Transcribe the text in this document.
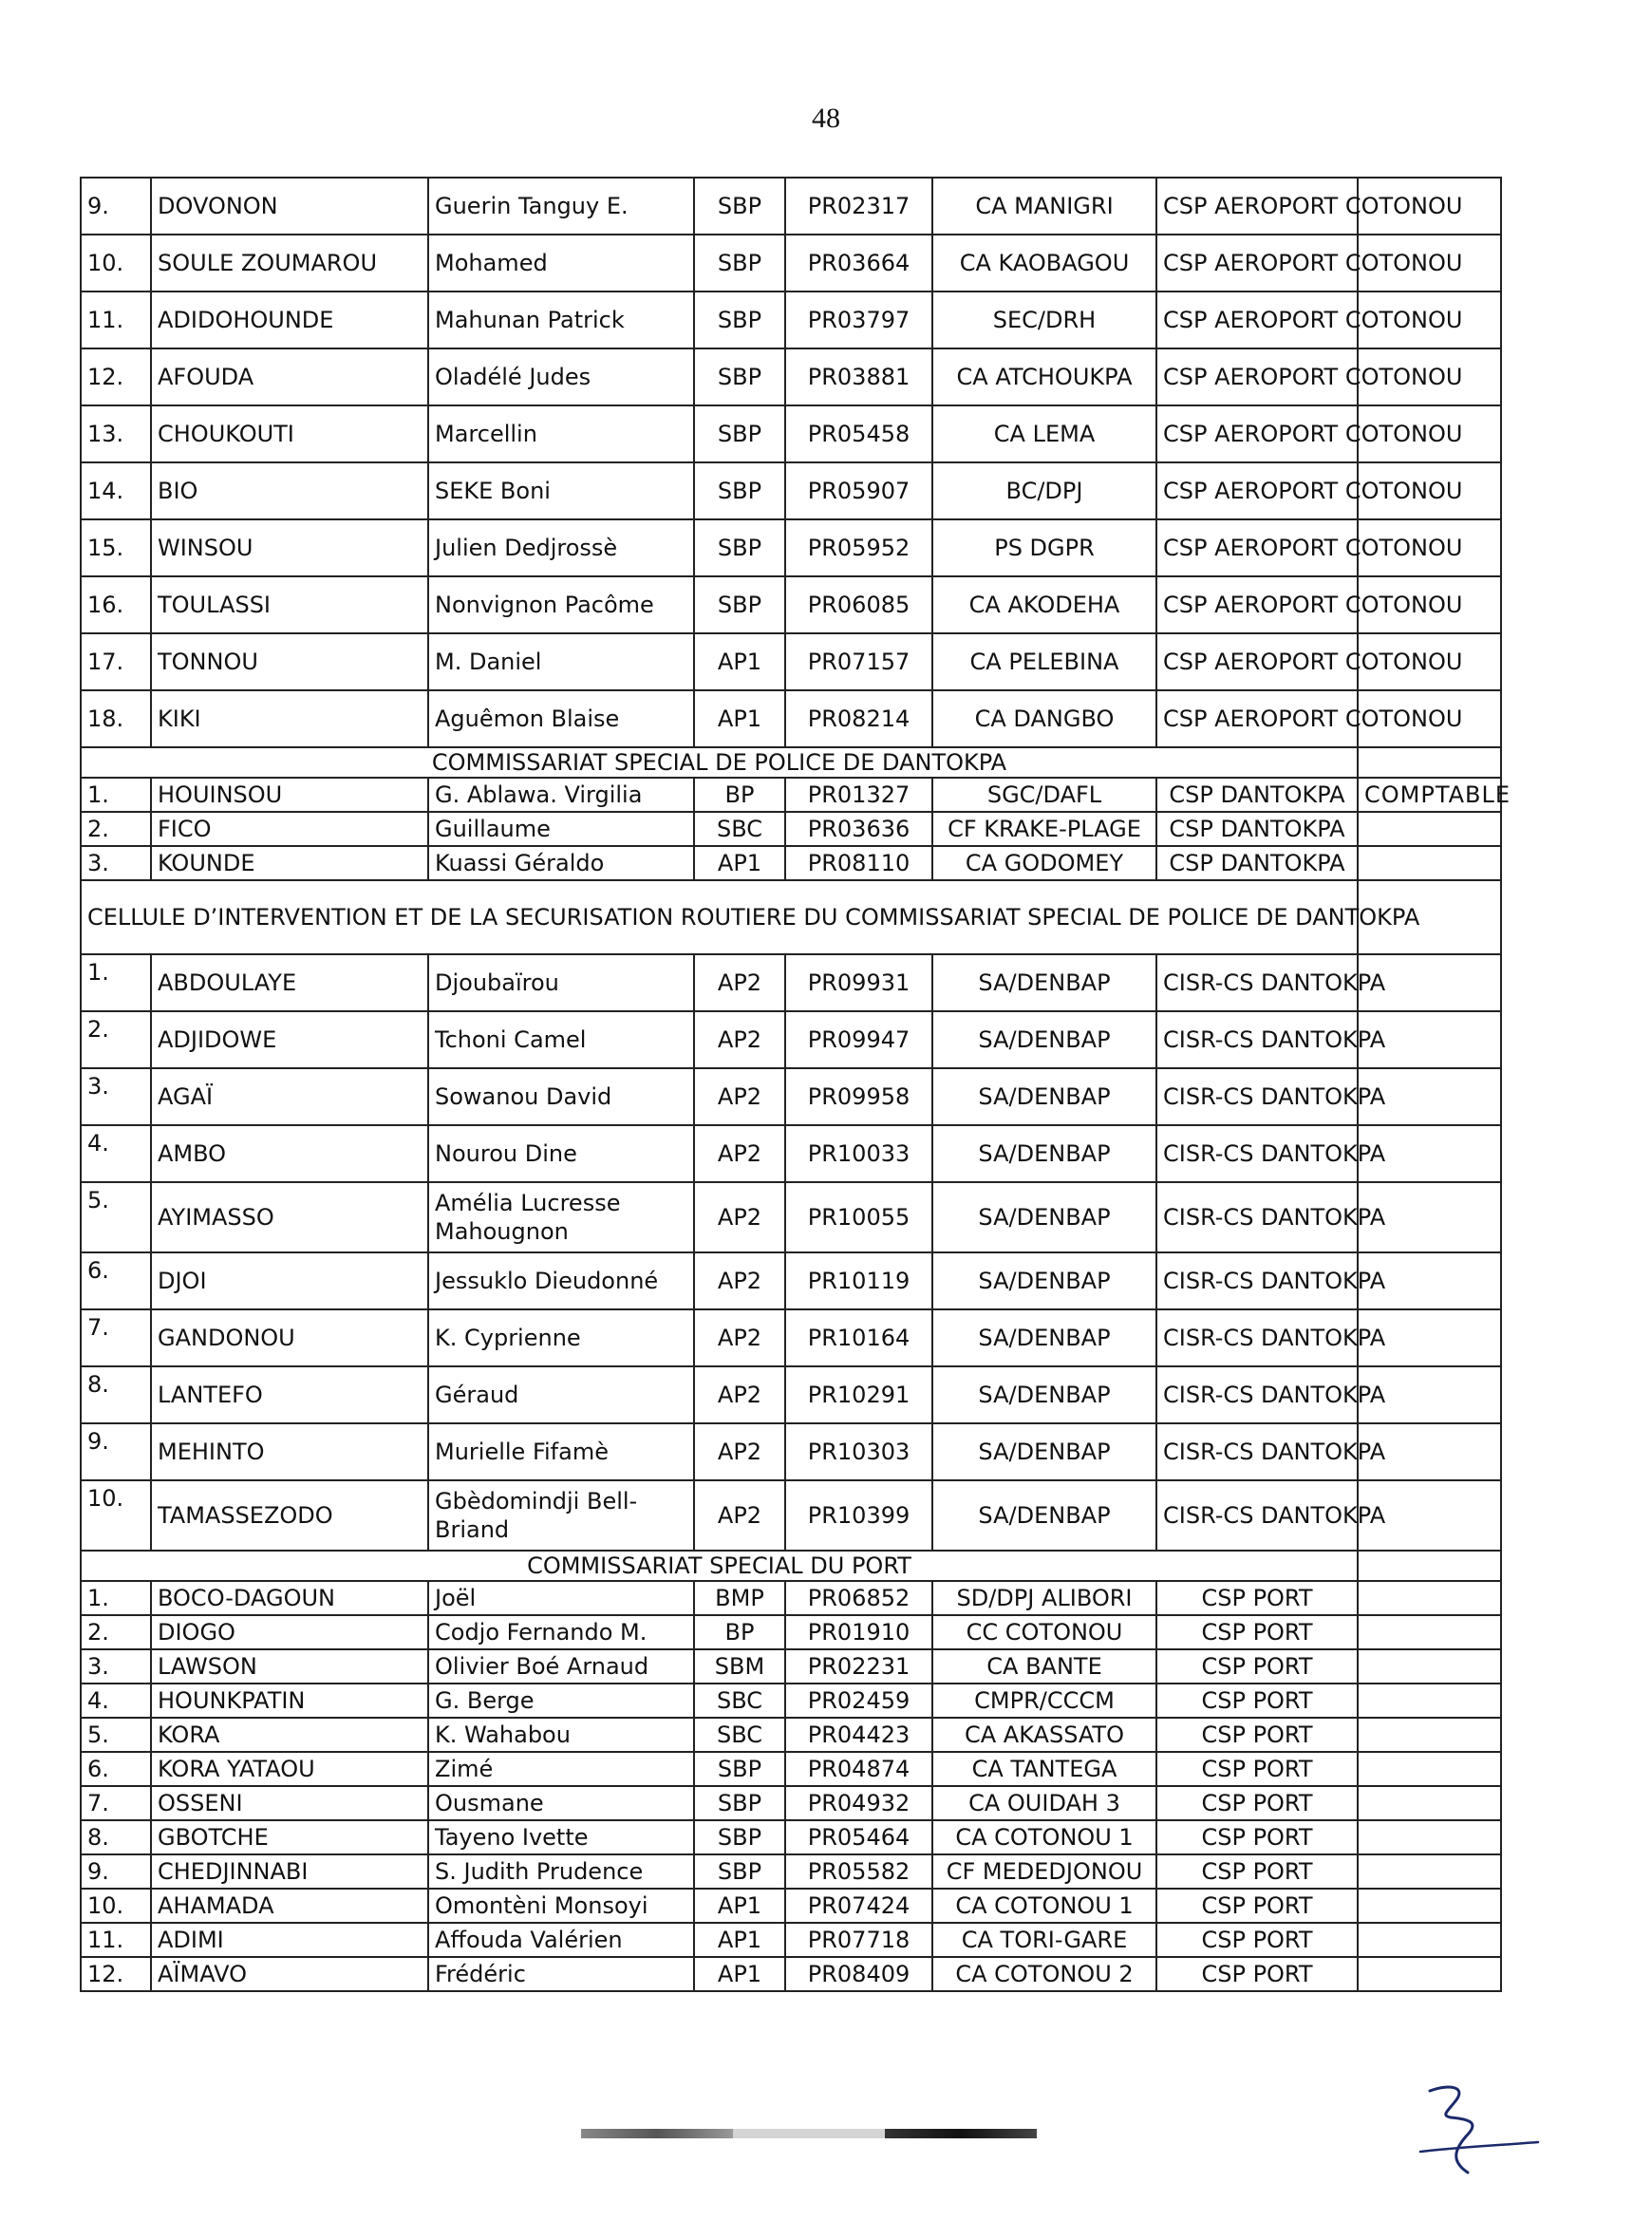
48
9.	DOVONON	Guerin Tanguy E.	SBP	PR02317	CA MANIGRI	CSP AEROPORT COTONOU	
10.	SOULE ZOUMAROU	Mohamed	SBP	PR03664	CA KAOBAGOU	CSP AEROPORT COTONOU	
11.	ADIDOHOUNDE	Mahunan Patrick	SBP	PR03797	SEC/DRH	CSP AEROPORT COTONOU	
12.	AFOUDA	Oladélé Judes	SBP	PR03881	CA ATCHOUKPA	CSP AEROPORT COTONOU	
13.	CHOUKOUTI	Marcellin	SBP	PR05458	CA LEMA	CSP AEROPORT COTONOU	
14.	BIO	SEKE Boni	SBP	PR05907	BC/DPJ	CSP AEROPORT COTONOU	
15.	WINSOU	Julien Dedjrossè	SBP	PR05952	PS DGPR	CSP AEROPORT COTONOU	
16.	TOULASSI	Nonvignon Pacôme	SBP	PR06085	CA AKODEHA	CSP AEROPORT COTONOU	
17.	TONNOU	M. Daniel	AP1	PR07157	CA PELEBINA	CSP AEROPORT COTONOU	
18.	KIKI	Aguêmon Blaise	AP1	PR08214	CA DANGBO	CSP AEROPORT COTONOU	
COMMISSARIAT SPECIAL DE POLICE DE DANTOKPA							
1.	HOUINSOU	G. Ablawa. Virgilia	BP	PR01327	SGC/DAFL	CSP DANTOKPA	COMPTABLE
2.	FICO	Guillaume	SBC	PR03636	CF KRAKE-PLAGE	CSP DANTOKPA	
3.	KOUNDE	Kuassi Géraldo	AP1	PR08110	CA GODOMEY	CSP DANTOKPA	
CELLULE D’INTERVENTION ET DE LA SECURISATION ROUTIERE DU COMMISSARIAT SPECIAL DE POLICE DE DANTOKPA							
1.	ABDOULAYE	Djoubaïrou	AP2	PR09931	SA/DENBAP	CISR-CS DANTOKPA	
2.	ADJIDOWE	Tchoni Camel	AP2	PR09947	SA/DENBAP	CISR-CS DANTOKPA	
3.	AGAÏ	Sowanou David	AP2	PR09958	SA/DENBAP	CISR-CS DANTOKPA	
4.	AMBO	Nourou Dine	AP2	PR10033	SA/DENBAP	CISR-CS DANTOKPA	
5.	AYIMASSO	Amélia Lucresse Mahougnon	AP2	PR10055	SA/DENBAP	CISR-CS DANTOKPA	
6.	DJOI	Jessuklo Dieudonné	AP2	PR10119	SA/DENBAP	CISR-CS DANTOKPA	
7.	GANDONOU	K. Cyprienne	AP2	PR10164	SA/DENBAP	CISR-CS DANTOKPA	
8.	LANTEFO	Géraud	AP2	PR10291	SA/DENBAP	CISR-CS DANTOKPA	
9.	MEHINTO	Murielle Fifamè	AP2	PR10303	SA/DENBAP	CISR-CS DANTOKPA	
10.	TAMASSEZODO	Gbèdomindji Bell-Briand	AP2	PR10399	SA/DENBAP	CISR-CS DANTOKPA	
COMMISSARIAT SPECIAL DU PORT							
1.	BOCO-DAGOUN	Joël	BMP	PR06852	SD/DPJ ALIBORI	CSP PORT	
2.	DIOGO	Codjo Fernando M.	BP	PR01910	CC COTONOU	CSP PORT	
3.	LAWSON	Olivier Boé Arnaud	SBM	PR02231	CA BANTE	CSP PORT	
4.	HOUNKPATIN	G. Berge	SBC	PR02459	CMPR/CCCM	CSP PORT	
5.	KORA	K. Wahabou	SBC	PR04423	CA AKASSATO	CSP PORT	
6.	KORA YATAOU	Zimé	SBP	PR04874	CA TANTEGA	CSP PORT	
7.	OSSENI	Ousmane	SBP	PR04932	CA OUIDAH 3	CSP PORT	
8.	GBOTCHE	Tayeno Ivette	SBP	PR05464	CA COTONOU 1	CSP PORT	
9.	CHEDJINNABI	S. Judith Prudence	SBP	PR05582	CF MEDEDJONOU	CSP PORT	
10.	AHAMADA	Omontèni Monsoyi	AP1	PR07424	CA COTONOU 1	CSP PORT	
11.	ADIMI	Affouda Valérien	AP1	PR07718	CA TORI-GARE	CSP PORT	
12.	AÏMAVO	Frédéric	AP1	PR08409	CA COTONOU 2	CSP PORT	
